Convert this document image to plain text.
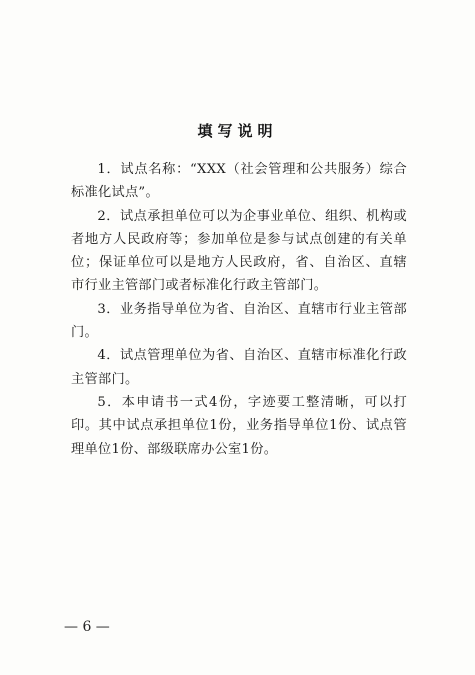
填写说明

1．试点名称：“XXX（社会管理和公共服务）综合标准化试点”。

2．试点承担单位可以为企事业单位、组织、机构或者地方人民政府等；参加单位是参与试点创建的有关单位；保证单位可以是地方人民政府，省、自治区、直辖市行业主管部门或者标准化行政主管部门。

3．业务指导单位为省、自治区、直辖市行业主管部门。

4．试点管理单位为省、自治区、直辖市标准化行政主管部门。

5．本申请书一式4份，字迹要工整清晰，可以打印。其中试点承担单位1份，业务指导单位1份、试点管理单位1份、部级联席办公室1份。

— 6 —
